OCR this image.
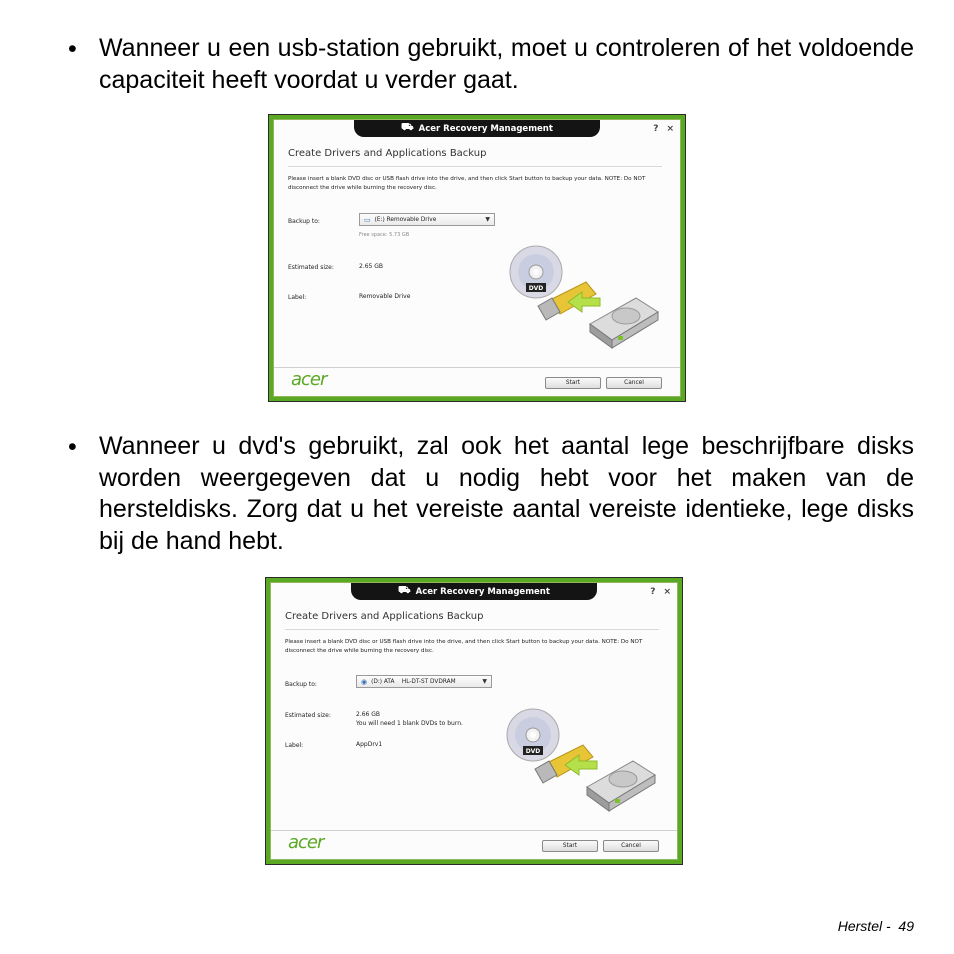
• Wanneer u een usb-station gebruikt, moet u controleren of het voldoende capaciteit heeft voordat u verder gaat.
⛟ Acer Recovery Management	? ×
Create Drivers and Applications Backup
Please insert a blank DVD disc or USB flash drive into the drive, and then click Start button to backup your data. NOTE: Do NOT disconnect the drive while burning the recovery disc.
Backup to:	▭ (E:) Removable Drive	▼
Free space: 5.73 GB
Estimated size:	2.65 GB
Label:	Removable Drive
DVD
acer	Start	Cancel
• Wanneer u dvd's gebruikt, zal ook het aantal lege beschrijfbare disks worden weergegeven dat u nodig hebt voor het maken van de hersteldisks. Zorg dat u het vereiste aantal vereiste identieke, lege disks bij de hand hebt.
⛟ Acer Recovery Management	? ×
Create Drivers and Applications Backup
Please insert a blank DVD disc or USB flash drive into the drive, and then click Start button to backup your data. NOTE: Do NOT disconnect the drive while burning the recovery disc.
Backup to:	◉ (D:) ATA    HL-DT-ST DVDRAM	▼
Estimated size:	2.66 GB
You will need 1 blank DVDs to burn.
Label:	AppDrv1
DVD
acer	Start	Cancel
Herstel -  49
